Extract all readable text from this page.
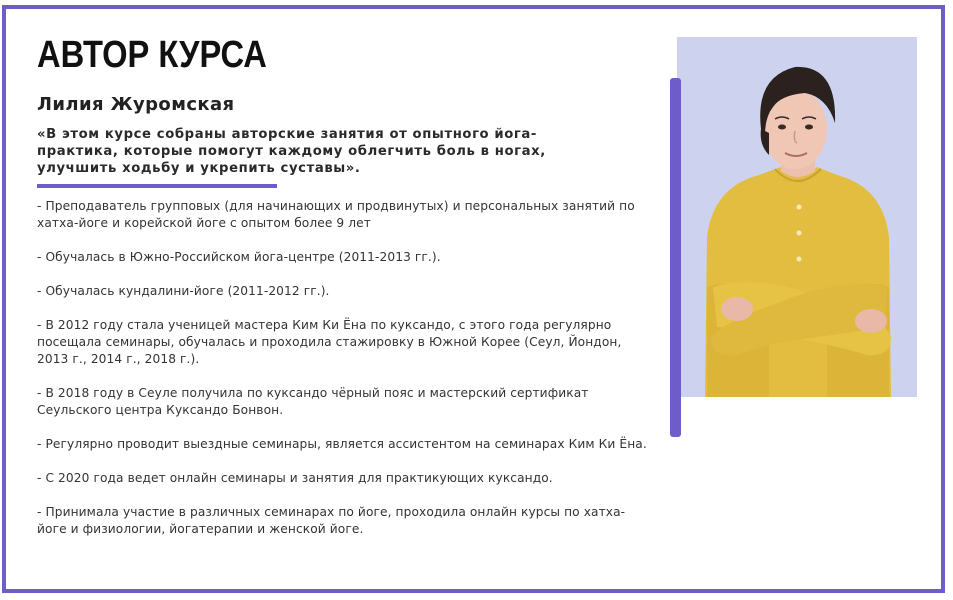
АВТОР КУРСА
Лилия Журомская
«В этом курсе собраны авторские занятия от опытного йога-практика, которые помогут каждому облегчить боль в ногах, улучшить ходьбу и укрепить суставы».
- Преподаватель групповых (для начинающих и продвинутых) и персональных занятий по хатха-йоге и корейской йоге с опытом более 9 лет
- Обучалась в Южно-Российском йога-центре (2011-2013 гг.).
- Обучалась кундалини-йоге (2011-2012 гг.).
- В 2012 году стала ученицей мастера Ким Ки Ёна по куксандо, с этого года регулярно посещала семинары, обучалась и проходила стажировку в Южной Корее (Сеул, Йондон, 2013 г., 2014 г., 2018 г.).
- В 2018 году в Сеуле получила по куксандо чёрный пояс и мастерский сертификат Сеульского центра Куксандо Бонвон.
- Регулярно проводит выездные семинары, является ассистентом на семинарах Ким Ки Ёна.
- С 2020 года ведет онлайн семинары и занятия для практикующих куксандо.
- Принимала участие в различных семинарах по йоге, проходила онлайн курсы по хатха-йоге и физиологии, йогатерапии и женской йоге.
